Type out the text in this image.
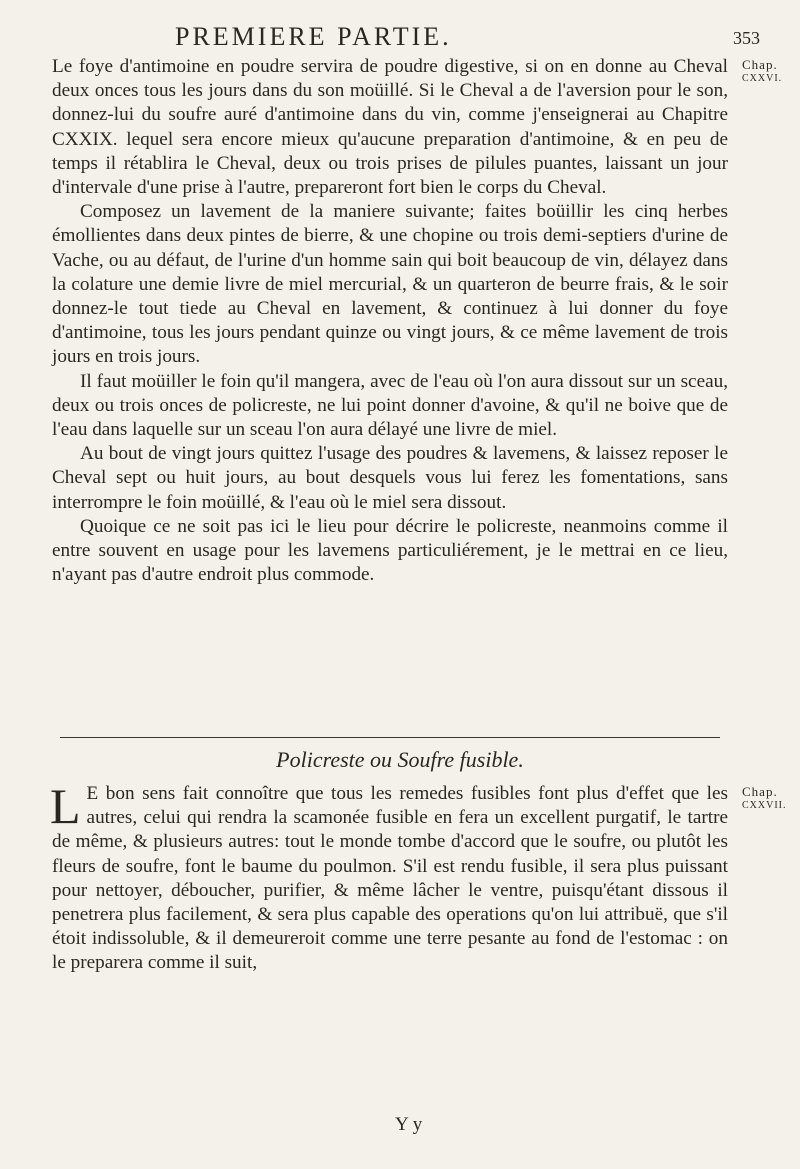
PREMIERE PARTIE.	353
Chap.
CXXVI.

Le foye d'antimoine en poudre servira de poudre digestive, si on en donne au Cheval deux onces tous les jours dans du son moüillé. Si le Cheval a de l'aversion pour le son, donnez-lui du soufre auré d'antimoine dans du vin, comme j'enseignerai au Chapitre CXXIX. lequel sera encore mieux qu'aucune preparation d'antimoine, & en peu de temps il rétablira le Cheval, deux ou trois prises de pilules puantes, laissant un jour d'intervale d'une prise à l'autre, prepareront fort bien le corps du Cheval.

Composez un lavement de la maniere suivante; faites boüillir les cinq herbes émollientes dans deux pintes de bierre, & une chopine ou trois demi-septiers d'urine de Vache, ou au défaut, de l'urine d'un homme sain qui boit beaucoup de vin, délayez dans la colature une demie livre de miel mercurial, & un quarteron de beurre frais, & le soir donnez-le tout tiede au Cheval en lavement, & continuez à lui donner du foye d'antimoine, tous les jours pendant quinze ou vingt jours, & ce même lavement de trois jours en trois jours.

Il faut moüiller le foin qu'il mangera, avec de l'eau où l'on aura dissout sur un sceau, deux ou trois onces de policreste, ne lui point donner d'avoine, & qu'il ne boive que de l'eau dans laquelle sur un sceau l'on aura délayé une livre de miel.

Au bout de vingt jours quittez l'usage des poudres & lavemens, & laissez reposer le Cheval sept ou huit jours, au bout desquels vous lui ferez les fomentations, sans interrompre le foin moüillé, & l'eau où le miel sera dissout.

Quoique ce ne soit pas ici le lieu pour décrire le policreste, neanmoins comme il entre souvent en usage pour les lavemens particuliérement, je le mettrai en ce lieu, n'ayant pas d'autre endroit plus commode.

Policreste ou Soufre fusible.
Chap.
CXXVII.

L E bon sens fait connoître que tous les remedes fusibles font plus d'effet que les autres, celui qui rendra la scamonée fusible en fera un excellent purgatif, le tartre de même, & plusieurs autres: tout le monde tombe d'accord que le soufre, ou plutôt les fleurs de soufre, font le baume du poulmon. S'il est rendu fusible, il sera plus puissant pour nettoyer, déboucher, purifier, & même lâcher le ventre, puisqu'étant dissous il penetrera plus facilement, & sera plus capable des operations qu'on lui attribuë, que s'il étoit indissoluble, & il demeureroit comme une terre pesante au fond de l'estomac : on le preparera comme il suit,

Y y
